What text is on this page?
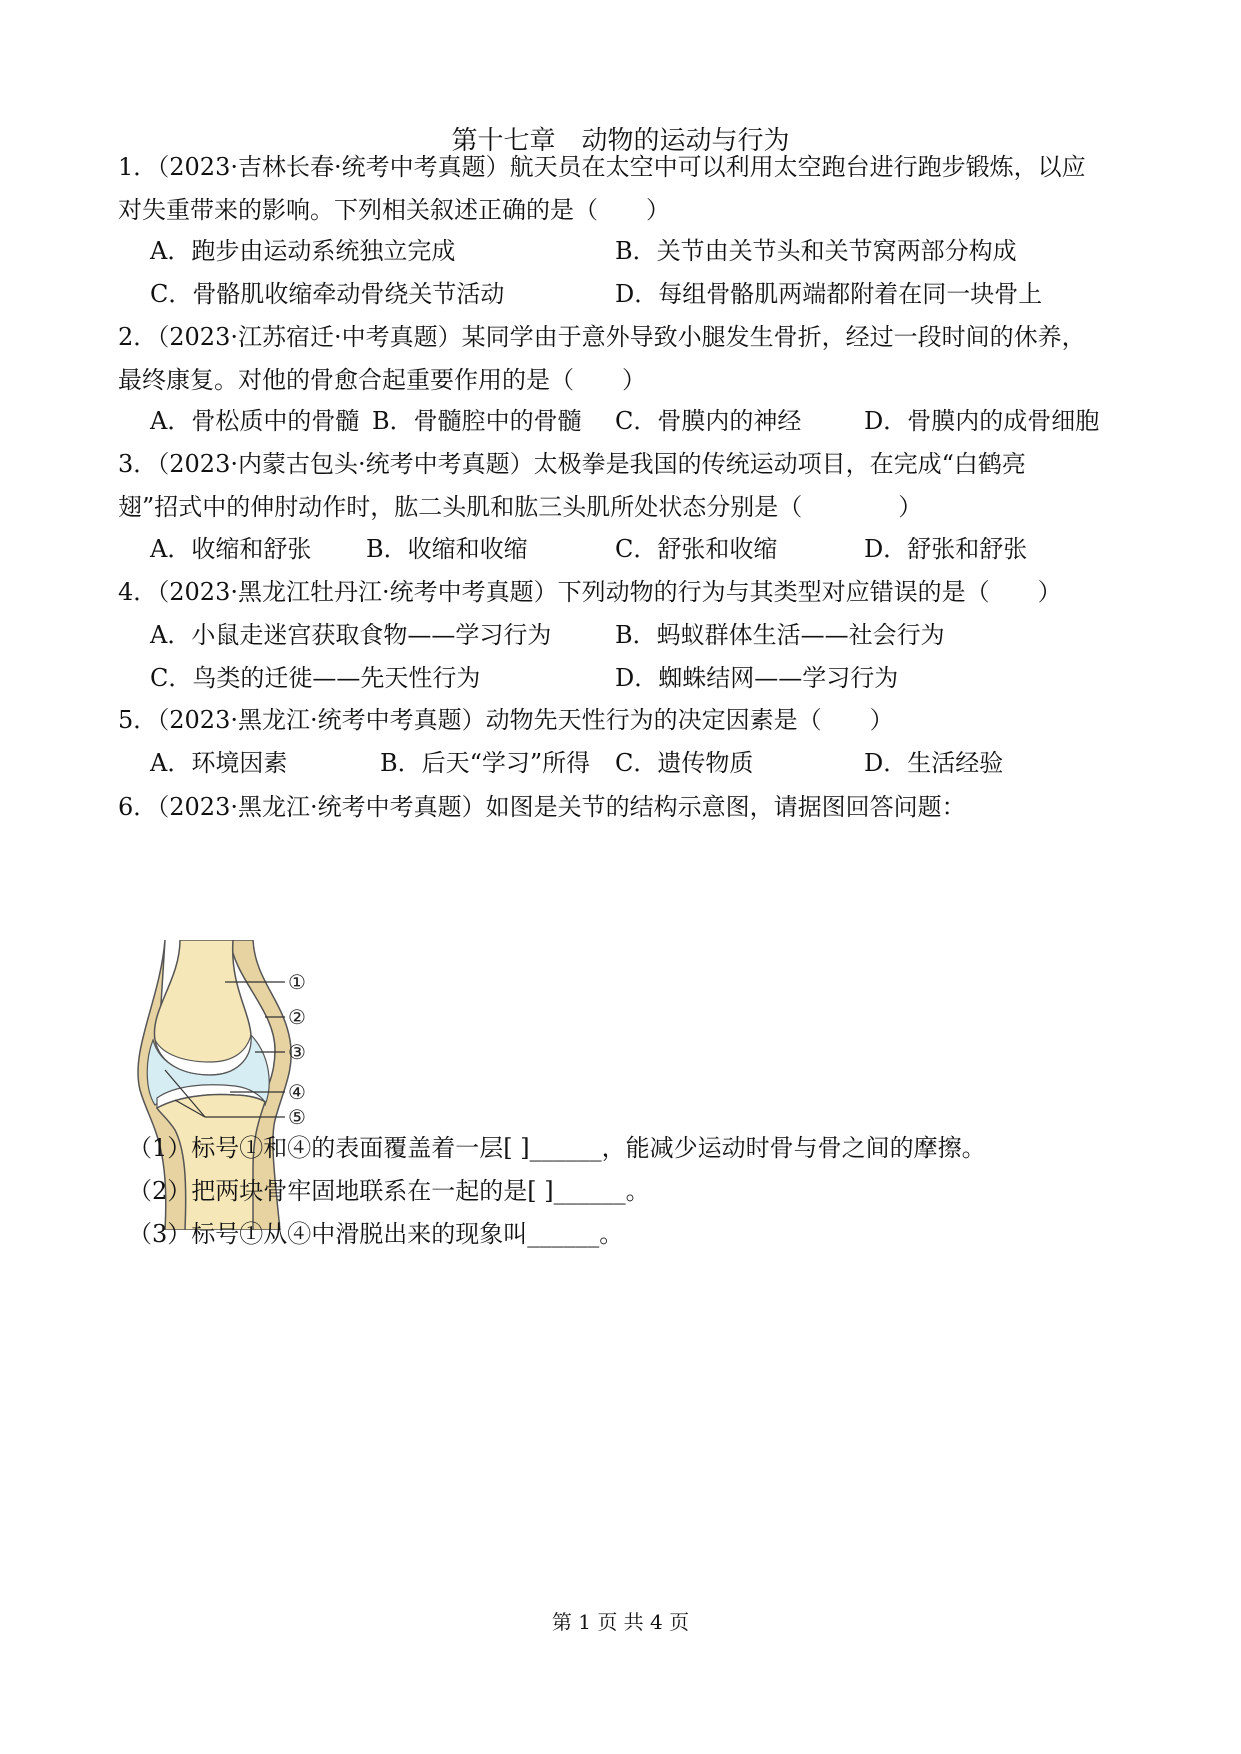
第十七章　动物的运动与行为
1．（2023·吉林长春·统考中考真题）航天员在太空中可以利用太空跑台进行跑步锻炼，以应
对失重带来的影响。下列相关叙述正确的是（　　）
A．跑步由运动系统独立完成	B．关节由关节头和关节窝两部分构成
C．骨骼肌收缩牵动骨绕关节活动	D．每组骨骼肌两端都附着在同一块骨上
2．（2023·江苏宿迁·中考真题）某同学由于意外导致小腿发生骨折，经过一段时间的休养，
最终康复。对他的骨愈合起重要作用的是（　　）
A．骨松质中的骨髓 B．骨髓腔中的骨髓 C．骨膜内的神经	D．骨膜内的成骨细胞
3．（2023·内蒙古包头·统考中考真题）太极拳是我国的传统运动项目，在完成“白鹤亮
翅”招式中的伸肘动作时，肱二头肌和肱三头肌所处状态分别是（　　　　）
A．收缩和舒张 B．收缩和收缩	C．舒张和收缩	D．舒张和舒张
4．（2023·黑龙江牡丹江·统考中考真题）下列动物的行为与其类型对应错误的是（　　）
A．小鼠走迷宫获取食物——学习行为	B．蚂蚁群体生活——社会行为
C．鸟类的迁徙——先天性行为	D．蜘蛛结网——学习行为
5．（2023·黑龙江·统考中考真题）动物先天性行为的决定因素是（　　）
A．环境因素	B．后天“学习”所得 C．遗传物质	D．生活经验
6．（2023·黑龙江·统考中考真题）如图是关节的结构示意图，请据图回答问题：
①
②
③
④
⑤
（1）标号①和④的表面覆盖着一层[ ]______，能减少运动时骨与骨之间的摩擦。
（2）把两块骨牢固地联系在一起的是[ ]______。
（3）标号①从④中滑脱出来的现象叫______。
第 1 页 共 4 页
